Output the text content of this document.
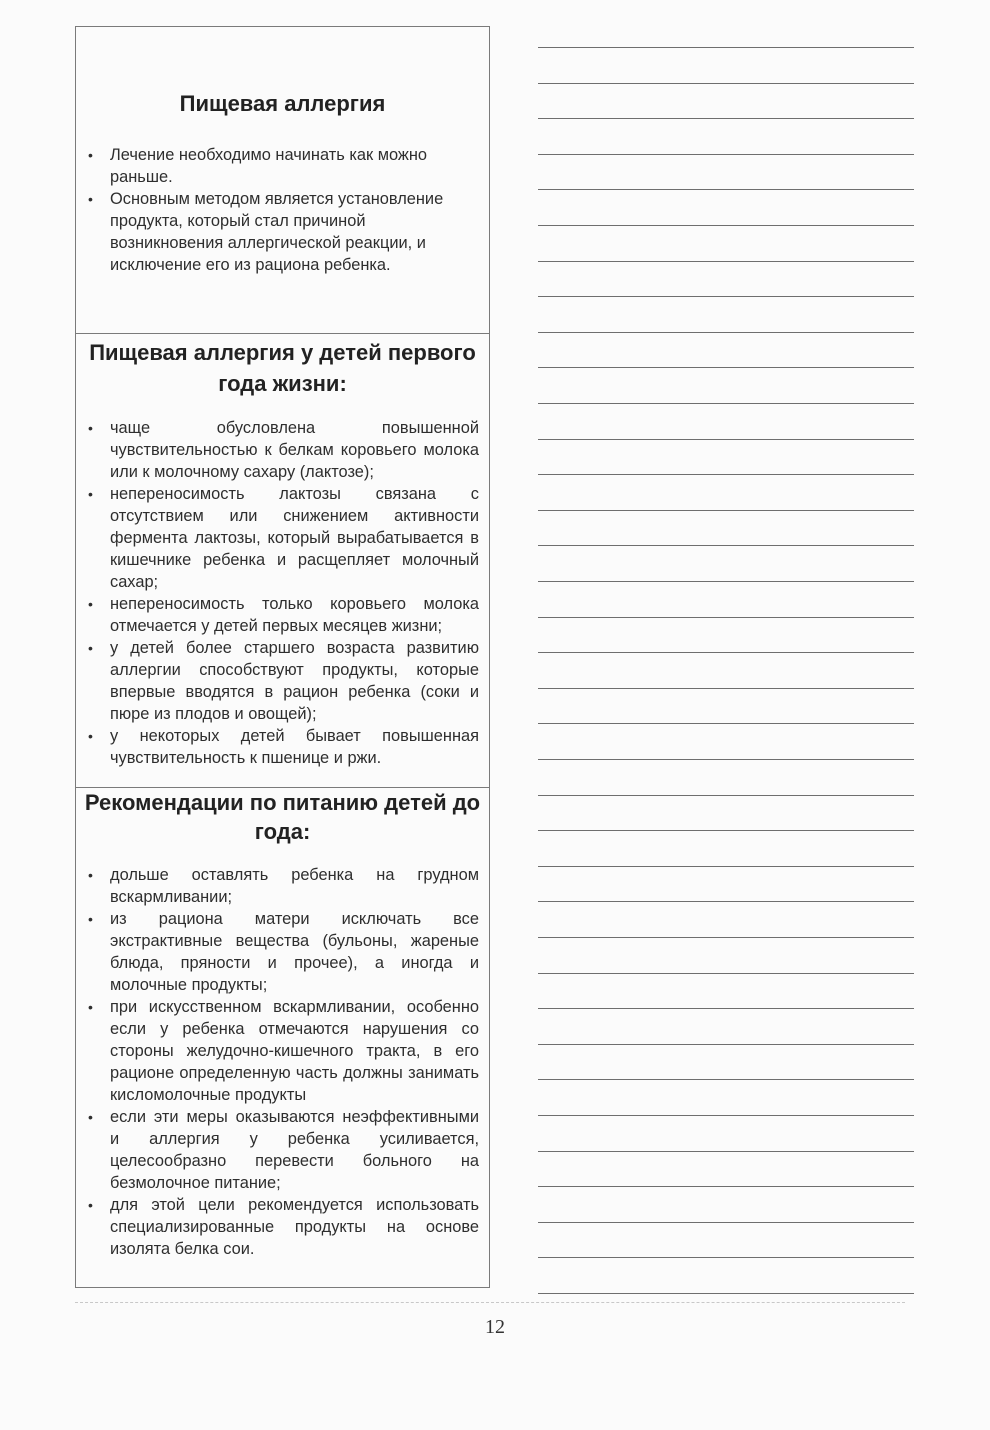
Пищевая аллергия
• Лечение необходимо начинать как можно раньше.
• Основным методом является установление продукта, который стал причиной возникновения аллергической реакции, и исключение его из рациона ребенка.
Пищевая аллергия у детей первого года жизни:
• чаще обусловлена повышенной чувствительностью к белкам коровьего молока или к молочному сахару (лактозе);
• непереносимость лактозы связана с отсутствием или снижением активности фермента лактозы, который вырабатывается в кишечнике ребенка и расщепляет молочный сахар;
• непереносимость только коровьего молока отмечается у детей первых месяцев жизни;
• у детей более старшего возраста развитию аллергии способствуют продукты, которые впервые вводятся в рацион ребенка (соки и пюре из плодов и овощей);
• у некоторых детей бывает повышенная чувствительность к пшенице и ржи.
Рекомендации по питанию детей до года:
• дольше оставлять ребенка на грудном вскармливании;
• из рациона матери исключать все экстрактивные вещества (бульоны, жареные блюда, пряности и прочее), а иногда и молочные продукты;
• при искусственном вскармливании, особенно если у ребенка отмечаются нарушения со стороны желудочно-кишечного тракта, в его рационе определенную часть должны занимать кисломолочные продукты
• если эти меры оказываются неэффективными и аллергия у ребенка усиливается, целесообразно перевести больного на безмолочное питание;
• для этой цели рекомендуется использовать специализированные продукты на основе изолята белка сои.
12
